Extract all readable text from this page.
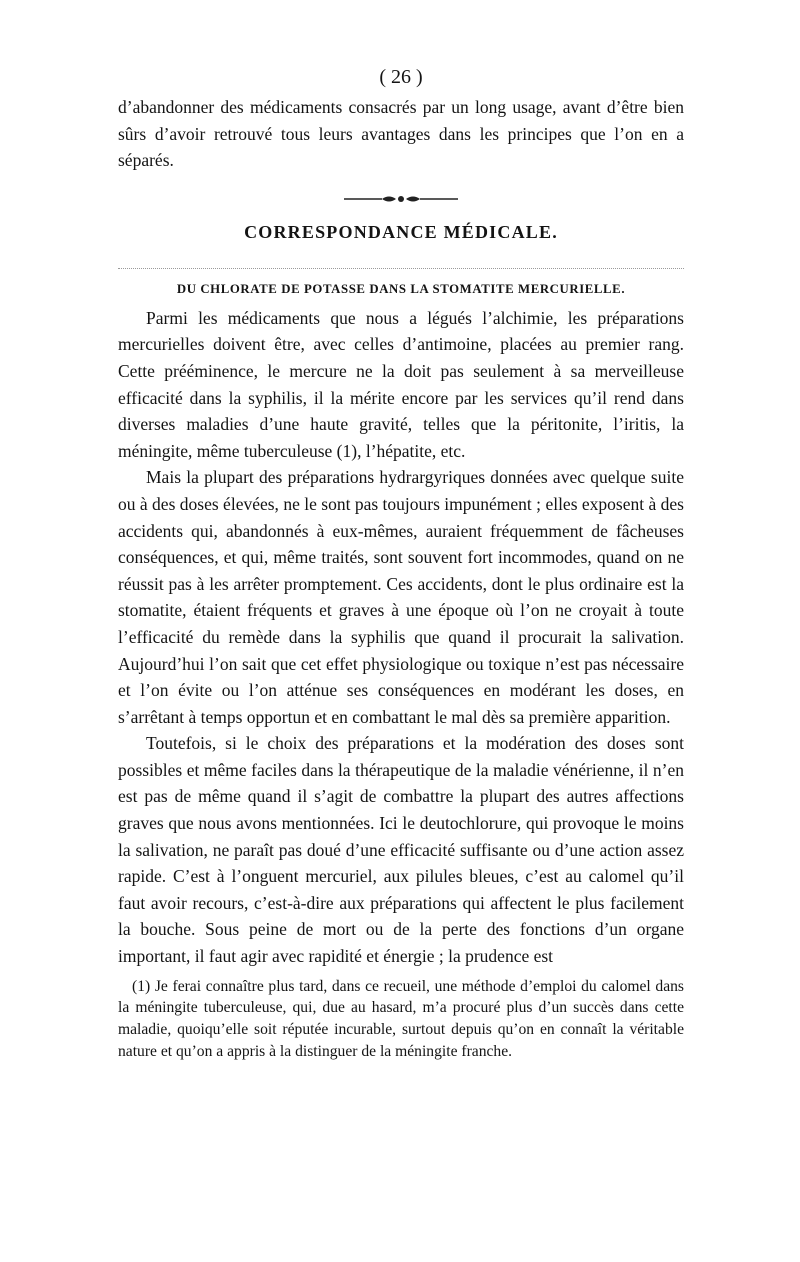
( 26 )

d’abandonner des médicaments consacrés par un long usage, avant d’être bien sûrs d’avoir retrouvé tous leurs avantages dans les principes que l’on en a séparés.

CORRESPONDANCE MÉDICALE.
DU CHLORATE DE POTASSE DANS LA STOMATITE MERCURIELLE.

Parmi les médicaments que nous a légués l’alchimie, les préparations mercurielles doivent être, avec celles d’antimoine, placées au premier rang. Cette prééminence, le mercure ne la doit pas seulement à sa merveilleuse efficacité dans la syphilis, il la mérite encore par les services qu’il rend dans diverses maladies d’une haute gravité, telles que la péritonite, l’iritis, la méningite, même tuberculeuse (1), l’hépatite, etc.

Mais la plupart des préparations hydrargyriques données avec quelque suite ou à des doses élevées, ne le sont pas toujours impunément ; elles exposent à des accidents qui, abandonnés à eux-mêmes, auraient fréquemment de fâcheuses conséquences, et qui, même traités, sont souvent fort incommodes, quand on ne réussit pas à les arrêter promptement. Ces accidents, dont le plus ordinaire est la stomatite, étaient fréquents et graves à une époque où l’on ne croyait à toute l’efficacité du remède dans la syphilis que quand il procurait la salivation. Aujourd’hui l’on sait que cet effet physiologique ou toxique n’est pas nécessaire et l’on évite ou l’on atténue ses conséquences en modérant les doses, en s’arrêtant à temps opportun et en combattant le mal dès sa première apparition.

Toutefois, si le choix des préparations et la modération des doses sont possibles et même faciles dans la thérapeutique de la maladie vénérienne, il n’en est pas de même quand il s’agit de combattre la plupart des autres affections graves que nous avons mentionnées. Ici le deutochlorure, qui provoque le moins la salivation, ne paraît pas doué d’une efficacité suffisante ou d’une action assez rapide. C’est à l’onguent mercuriel, aux pilules bleues, c’est au calomel qu’il faut avoir recours, c’est-à-dire aux préparations qui affectent le plus facilement la bouche. Sous peine de mort ou de la perte des fonctions d’un organe important, il faut agir avec rapidité et énergie ; la prudence est

(1) Je ferai connaître plus tard, dans ce recueil, une méthode d’emploi du calomel dans la méningite tuberculeuse, qui, due au hasard, m’a procuré plus d’un succès dans cette maladie, quoiqu’elle soit réputée incurable, surtout depuis qu’on en connaît la véritable nature et qu’on a appris à la distinguer de la méningite franche.
